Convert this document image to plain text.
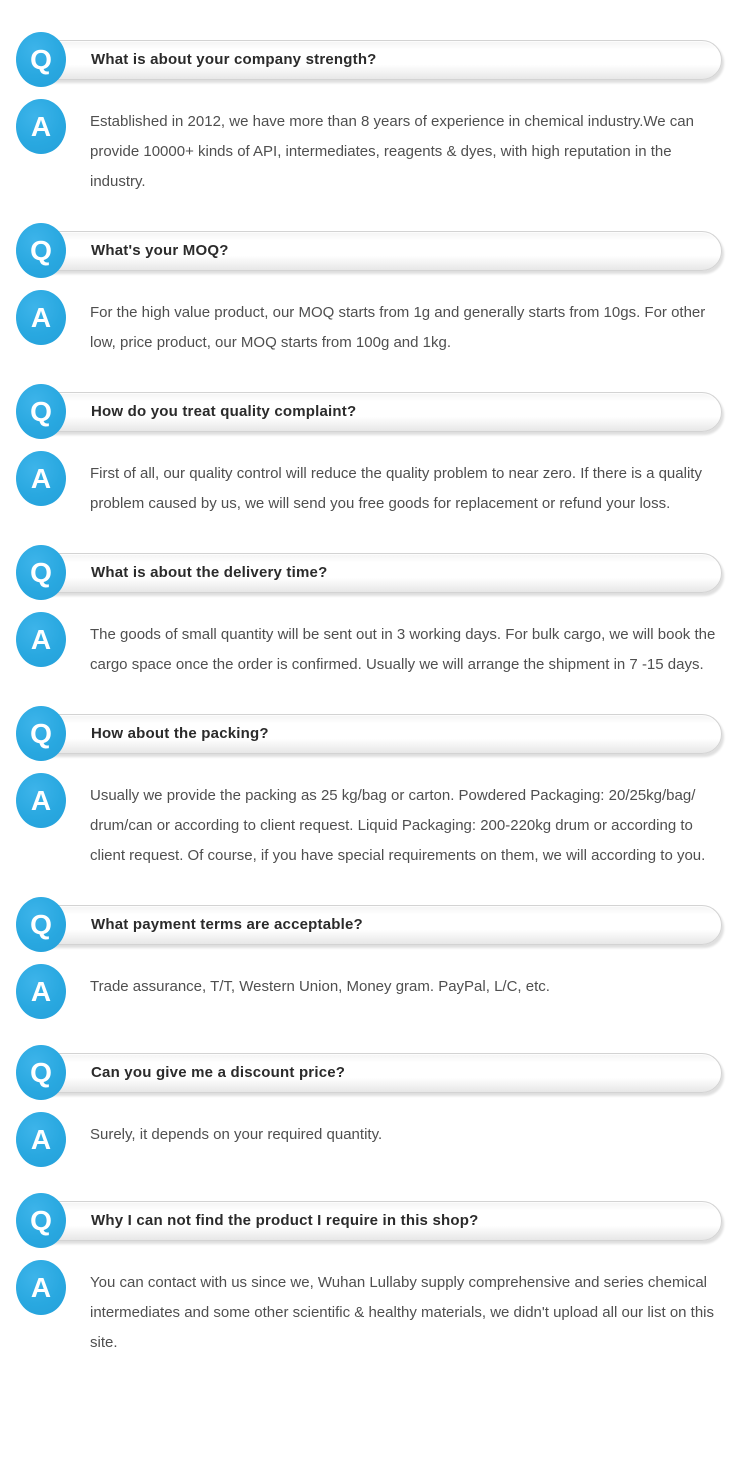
Q	What is about your company strength?
A	Established in 2012, we have more than 8 years of experience in chemical industry.We can provide 10000+ kinds of API, intermediates, reagents & dyes, with high reputation in the industry.

Q	What's your MOQ?
A	For the high value product, our MOQ starts from 1g and generally starts from 10gs. For other low, price product, our MOQ starts from 100g and 1kg.

Q	How do you treat quality complaint?
A	First of all, our quality control will reduce the quality problem to near zero. If there is a quality problem caused by us, we will send you free goods for replacement or refund your loss.

Q	What is about the delivery time?
A	The goods of small quantity will be sent out in 3 working days. For bulk cargo, we will book the cargo space once the order is confirmed. Usually we will arrange the shipment in 7 -15 days.

Q	How about the packing?
A	Usually we provide the packing as 25 kg/bag or carton. Powdered Packaging: 20/25kg/bag/ drum/can or according to client request. Liquid Packaging: 200-220kg drum or according to client request. Of course, if you have special requirements on them, we will according to you.

Q	What payment terms are acceptable?
A	Trade assurance, T/T, Western Union, Money gram. PayPal, L/C, etc.

Q	Can you give me a discount price?
A	Surely, it depends on your required quantity.

Q	Why I can not find the product I require in this shop?
A	You can contact with us since we, Wuhan Lullaby supply comprehensive and series chemical intermediates and some other scientific & healthy materials, we didn't upload all our list on this site.
